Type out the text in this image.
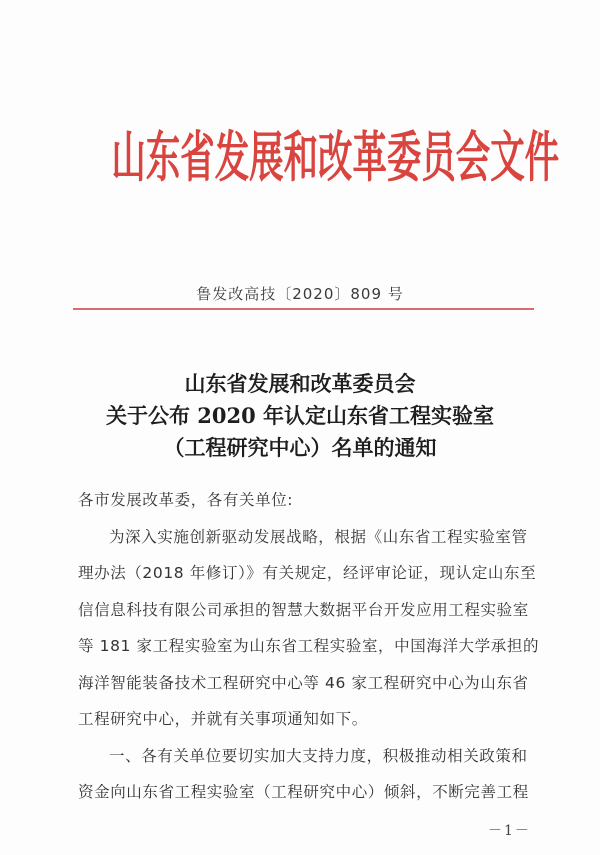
山东省发展和改革委员会文件
鲁发改高技〔2020〕809 号
山东省发展和改革委员会
关于公布 2020 年认定山东省工程实验室
（工程研究中心）名单的通知
各市发展改革委，各有关单位:
为深入实施创新驱动发展战略，根据《山东省工程实验室管
理办法（2018 年修订）》有关规定，经评审论证，现认定山东至
信信息科技有限公司承担的智慧大数据平台开发应用工程实验室
等 181 家工程实验室为山东省工程实验室，中国海洋大学承担的
海洋智能装备技术工程研究中心等 46 家工程研究中心为山东省
工程研究中心，并就有关事项通知如下。
一、各有关单位要切实加大支持力度，积极推动相关政策和
资金向山东省工程实验室（工程研究中心）倾斜，不断完善工程
－1－
